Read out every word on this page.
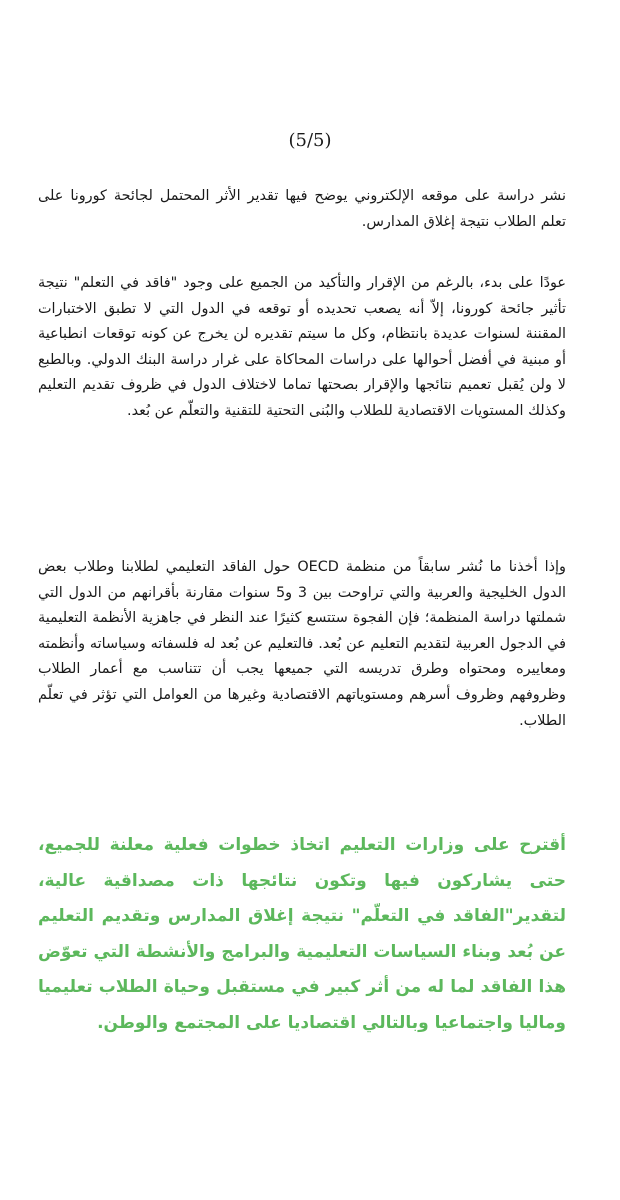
(5/5)

نشر دراسة على موقعه الإلكتروني يوضح فيها تقدير الأثر المحتمل لجائحة كورونا على تعلم الطلاب نتيجة إغلاق المدارس.

عودًا على بدء، بالرغم من الإقرار والتأكيد من الجميع على وجود "فاقد في التعلم" نتيجة تأثير جائحة كورونا، إلاّ أنه يصعب تحديده أو توقعه في الدول التي لا تطبق الاختبارات المقننة لسنوات عديدة بانتظام، وكل ما سيتم تقديره لن يخرج عن كونه توقعات انطباعية أو مبنية في أفضل أحوالها على دراسات المحاكاة على غرار دراسة البنك الدولي. وبالطبع لا ولن يُقبل تعميم نتائجها والإقرار بصحتها تماما لاختلاف الدول في ظروف تقديم التعليم وكذلك المستويات الاقتصادية للطلاب والبُنى التحتية للتقنية والتعلّم عن بُعد.

وإذا أخذنا ما نُشر سابقاً من منظمة OECD حول الفاقد التعليمي لطلابنا وطلاب بعض الدول الخليجية والعربية والتي تراوحت بين 3 و5 سنوات مقارنة بأقرانهم من الدول التي شملتها دراسة المنظمة؛ فإن الفجوة ستتسع كثيرًا عند النظر في جاهزية الأنظمة التعليمية في الدجول العربية لتقديم التعليم عن بُعد. فالتعليم عن بُعد له فلسفاته وسياساته وأنظمته ومعاييره ومحتواه وطرق تدريسه التي جميعها يجب أن تتناسب مع أعمار الطلاب وظروفهم وظروف أسرهم ومستوياتهم الاقتصادية وغيرها من العوامل التي تؤثر في تعلّم الطلاب.

أقترح على وزارات التعليم اتخاذ خطوات فعلية معلنة للجميع، حتى يشاركون فيها وتكون نتائجها ذات مصداقية عالية، لتقدير"الفاقد في التعلّم" نتيجة إغلاق المدارس وتقديم التعليم عن بُعد وبناء السياسات التعليمية والبرامج والأنشطة التي تعوّض هذا الفاقد لما له من أثر كبير في مستقبل وحياة الطلاب تعليميا وماليا واجتماعيا وبالتالي اقتصاديا على المجتمع والوطن.
